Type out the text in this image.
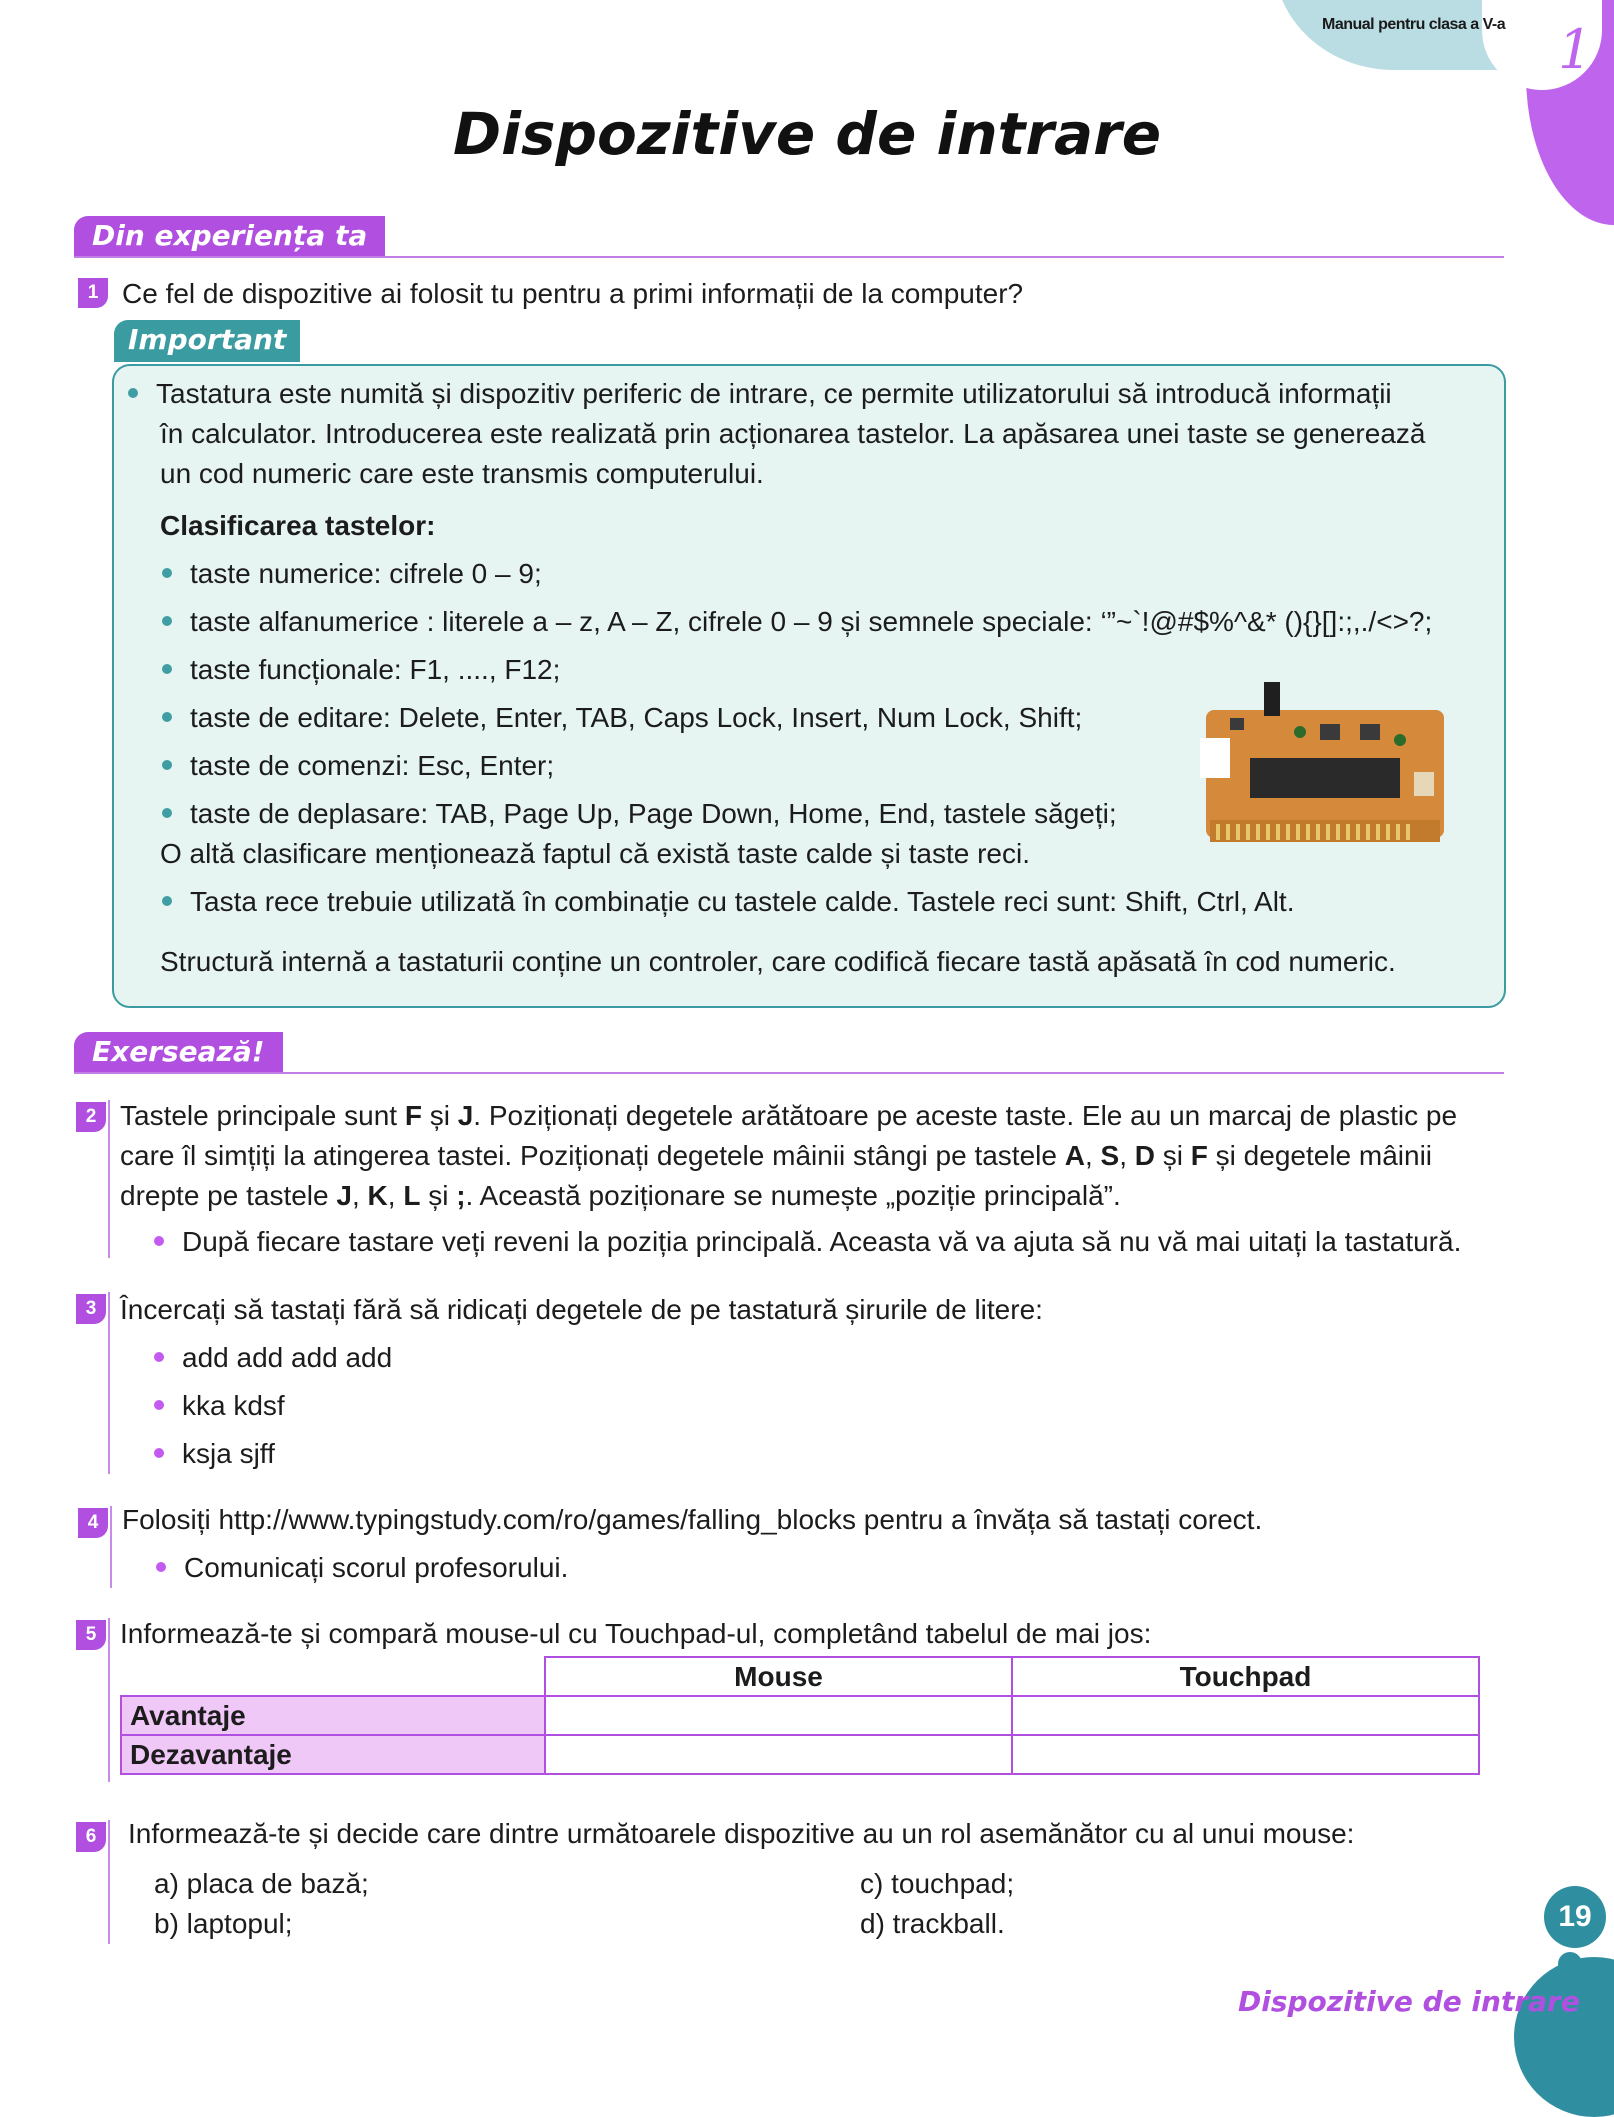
Manual pentru clasa a V-a 1
Dispozitive de intrare
Din experiența ta
1 Ce fel de dispozitive ai folosit tu pentru a primi informații de la computer?
Important
Tastatura este numită și dispozitiv periferic de intrare, ce permite utilizatorului să introducă informații
în calculator. Introducerea este realizată prin acționarea tastelor. La apăsarea unei taste se generează
un cod numeric care este transmis computerului.
Clasificarea tastelor:
taste numerice: cifrele 0 – 9;
taste alfanumerice : literele a – z, A – Z, cifrele 0 – 9 și semnele speciale: ‘”~`!@#$%^&* (){}[]:;,./<>?;
taste funcționale: F1, ...., F12;
taste de editare: Delete, Enter, TAB, Caps Lock, Insert, Num Lock, Shift;
taste de comenzi: Esc, Enter;
taste de deplasare: TAB, Page Up, Page Down, Home, End, tastele săgeți;
O altă clasificare menționează faptul că există taste calde și taste reci.
Tasta rece trebuie utilizată în combinație cu tastele calde. Tastele reci sunt: Shift, Ctrl, Alt.
Structură internă a tastaturii conține un controler, care codifică fiecare tastă apăsată în cod numeric.
Exersează!
2 Tastele principale sunt F și J. Poziționați degetele arătătoare pe aceste taste. Ele au un marcaj de plastic pe
care îl simțiți la atingerea tastei. Poziționați degetele mâinii stângi pe tastele A, S, D și F și degetele mâinii
drepte pe tastele J, K, L și ;. Această poziționare se numește „poziție principală”.
După fiecare tastare veți reveni la poziția principală. Aceasta vă va ajuta să nu vă mai uitați la tastatură.
3 Încercați să tastați fără să ridicați degetele de pe tastatură șirurile de litere:
add add add add
kka kdsf
ksja sjff
4 Folosiți http://www.typingstudy.com/ro/games/falling_blocks pentru a învăța să tastați corect.
Comunicați scorul profesorului.
5 Informează-te și compară mouse-ul cu Touchpad-ul, completând tabelul de mai jos:
	Mouse	Touchpad
Avantaje		
Dezavantaje		
6	Informează-te și decide care dintre următoarele dispozitive au un rol asemănător cu al unui mouse:
a) placa de bază;
b) laptopul;
c) touchpad;
d) trackball.	19
Dispozitive de intrare
